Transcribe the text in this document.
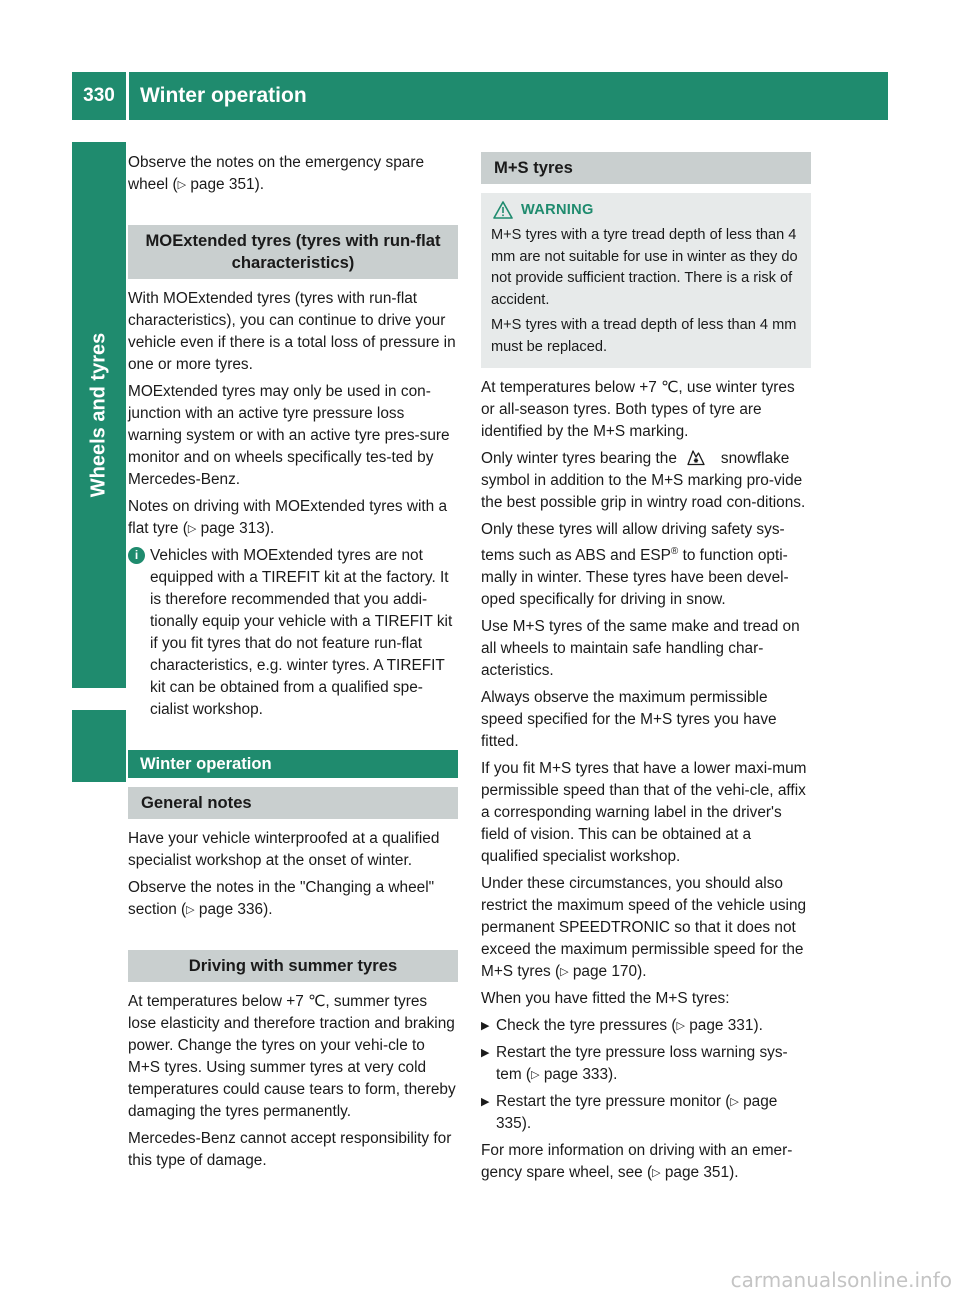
330	Winter operation
Wheels and tyres

Observe the notes on the emergency spare wheel (▷ page 351).

MOExtended tyres (tyres with run-flat characteristics)

With MOExtended tyres (tyres with run-flat characteristics), you can continue to drive your vehicle even if there is a total loss of pressure in one or more tyres.

MOExtended tyres may only be used in con-junction with an active tyre pressure loss warning system or with an active tyre pres-sure monitor and on wheels specifically tes-ted by Mercedes-Benz.

Notes on driving with MOExtended tyres with a flat tyre (▷ page 313).

i Vehicles with MOExtended tyres are not equipped with a TIREFIT kit at the factory. It is therefore recommended that you addi-tionally equip your vehicle with a TIREFIT kit if you fit tyres that do not feature run-flat characteristics, e.g. winter tyres. A TIREFIT kit can be obtained from a qualified spe-cialist workshop.
Winter operation
General notes

Have your vehicle winterproofed at a qualified specialist workshop at the onset of winter.

Observe the notes in the "Changing a wheel" section (▷ page 336).

Driving with summer tyres

At temperatures below +7 ℃, summer tyres lose elasticity and therefore traction and braking power. Change the tyres on your vehi-cle to M+S tyres. Using summer tyres at very cold temperatures could cause tears to form, thereby damaging the tyres permanently.

Mercedes-Benz cannot accept responsibility for this type of damage.

M+S tyres
WARNING

M+S tyres with a tyre tread depth of less than 4 mm are not suitable for use in winter as they do not provide sufficient traction. There is a risk of accident.

M+S tyres with a tread depth of less than 4 mm must be replaced.

At temperatures below +7 ℃, use winter tyres or all-season tyres. Both types of tyre are identified by the M+S marking.

Only winter tyres bearing the	snowflake symbol in addition to the M+S marking pro-vide the best possible grip in wintry road con-ditions.

Only these tyres will allow driving safety sys-tems such as ABS and ESP® to function opti-mally in winter. These tyres have been devel-oped specifically for driving in snow.

Use M+S tyres of the same make and tread on all wheels to maintain safe handling char-acteristics.

Always observe the maximum permissible speed specified for the M+S tyres you have fitted.

If you fit M+S tyres that have a lower maxi-mum permissible speed than that of the vehi-cle, affix a corresponding warning label in the driver's field of vision. This can be obtained at a qualified specialist workshop.

Under these circumstances, you should also restrict the maximum speed of the vehicle using permanent SPEEDTRONIC so that it does not exceed the maximum permissible speed for the M+S tyres (▷ page 170).

When you have fitted the M+S tyres:

▶ Check the tyre pressures (▷ page 331).
▶ Restart the tyre pressure loss warning sys-tem (▷ page 333).
▶ Restart the tyre pressure monitor (▷ page 335).

For more information on driving with an emer-gency spare wheel, see (▷ page 351).

carmanualsonline.info
